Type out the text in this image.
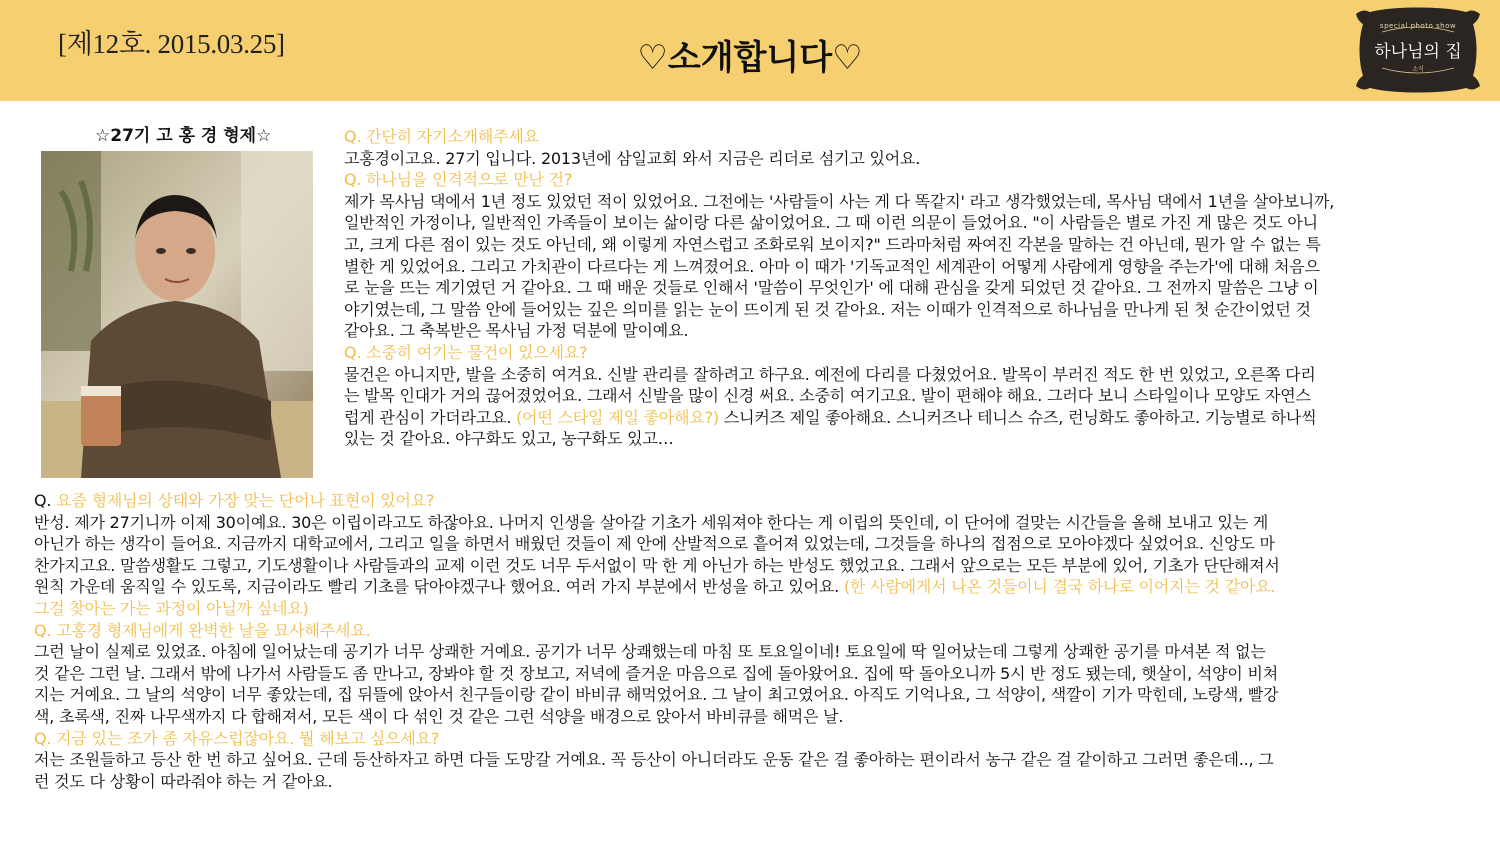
[제12호. 2015.03.25]	♡소개합니다♡
special photo show
하나님의 집
소식
☆27기 고 홍 경 형제☆	Q. 간단히 자기소개해주세요
고홍경이고요. 27기 입니다. 2013년에 삼일교회 와서 지금은 리더로 섬기고 있어요.
Q. 하나님을 인격적으로 만난 건?
제가 목사님 댁에서 1년 정도 있었던 적이 있었어요. 그전에는 '사람들이 사는 게 다 똑같지' 라고 생각했었는데, 목사님 댁에서 1년을 살아보니까,
일반적인 가정이나, 일반적인 가족들이 보이는 삶이랑 다른 삶이었어요. 그 때 이런 의문이 들었어요. "이 사람들은 별로 가진 게 많은 것도 아니
고, 크게 다른 점이 있는 것도 아닌데, 왜 이렇게 자연스럽고 조화로워 보이지?" 드라마처럼 짜여진 각본을 말하는 건 아닌데, 뭔가 알 수 없는 특
별한 게 있었어요. 그리고 가치관이 다르다는 게 느껴졌어요. 아마 이 때가 '기독교적인 세계관이 어떻게 사람에게 영향을 주는가'에 대해 처음으
로 눈을 뜨는 계기였던 거 같아요. 그 때 배운 것들로 인해서 '말씀이 무엇인가' 에 대해 관심을 갖게 되었던 것 같아요. 그 전까지 말씀은 그냥 이
야기였는데, 그 말씀 안에 들어있는 깊은 의미를 읽는 눈이 뜨이게 된 것 같아요. 저는 이때가 인격적으로 하나님을 만나게 된 첫 순간이었던 것
같아요. 그 축복받은 목사님 가정 덕분에 말이예요.
Q. 소중히 여기는 물건이 있으세요?
물건은 아니지만, 발을 소중히 여겨요. 신발 관리를 잘하려고 하구요. 예전에 다리를 다쳤었어요. 발목이 부러진 적도 한 번 있었고, 오른쪽 다리
는 발목 인대가 거의 끊어졌었어요. 그래서 신발을 많이 신경 써요. 소중히 여기고요. 발이 편해야 해요. 그러다 보니 스타일이나 모양도 자연스
럽게 관심이 가더라고요. (어떤 스타일 제일 좋아해요?) 스니커즈 제일 좋아해요. 스니커즈나 테니스 슈즈, 런닝화도 좋아하고. 기능별로 하나씩
있는 것 같아요. 야구화도 있고, 농구화도 있고…
Q. 요즘 형제님의 상태와 가장 맞는 단어나 표현이 있어요?
반성. 제가 27기니까 이제 30이예요. 30은 이립이라고도 하잖아요. 나머지 인생을 살아갈 기초가 세워져야 한다는 게 이립의 뜻인데, 이 단어에 걸맞는 시간들을 올해 보내고 있는 게
아닌가 하는 생각이 들어요. 지금까지 대학교에서, 그리고 일을 하면서 배웠던 것들이 제 안에 산발적으로 흩어져 있었는데, 그것들을 하나의 접점으로 모아야겠다 싶었어요. 신앙도 마
찬가지고요. 말씀생활도 그렇고, 기도생활이나 사람들과의 교제 이런 것도 너무 두서없이 막 한 게 아닌가 하는 반성도 했었고요. 그래서 앞으로는 모든 부분에 있어, 기초가 단단해져서
원칙 가운데 움직일 수 있도록, 지금이라도 빨리 기초를 닦아야겠구나 했어요. 여러 가지 부분에서 반성을 하고 있어요. (한 사람에게서 나온 것들이니 결국 하나로 이어지는 것 같아요.
그걸 찾아는 가는 과정이 아닐까 싶네요)
Q. 고홍경 형제님에게 완벽한 날을 묘사해주세요.
그런 날이 실제로 있었죠. 아침에 일어났는데 공기가 너무 상쾌한 거예요. 공기가 너무 상쾌했는데 마침 또 토요일이네! 토요일에 딱 일어났는데 그렇게 상쾌한 공기를 마셔본 적 없는
것 같은 그런 날. 그래서 밖에 나가서 사람들도 좀 만나고, 장봐야 할 것 장보고, 저녁에 즐거운 마음으로 집에 돌아왔어요. 집에 딱 돌아오니까 5시 반 정도 됐는데, 햇살이, 석양이 비쳐
지는 거예요. 그 날의 석양이 너무 좋았는데, 집 뒤뜰에 앉아서 친구들이랑 같이 바비큐 해먹었어요. 그 날이 최고였어요. 아직도 기억나요, 그 석양이, 색깔이 기가 막힌데, 노랑색, 빨강
색, 초록색, 진짜 나무색까지 다 합해져서, 모든 색이 다 섞인 것 같은 그런 석양을 배경으로 앉아서 바비큐를 해먹은 날.
Q. 지금 있는 조가 좀 자유스럽잖아요. 뭘 해보고 싶으세요?
저는 조원들하고 등산 한 번 하고 싶어요. 근데 등산하자고 하면 다들 도망갈 거예요. 꼭 등산이 아니더라도 운동 같은 걸 좋아하는 편이라서 농구 같은 걸 같이하고 그러면 좋은데.., 그
런 것도 다 상황이 따라줘야 하는 거 같아요.
